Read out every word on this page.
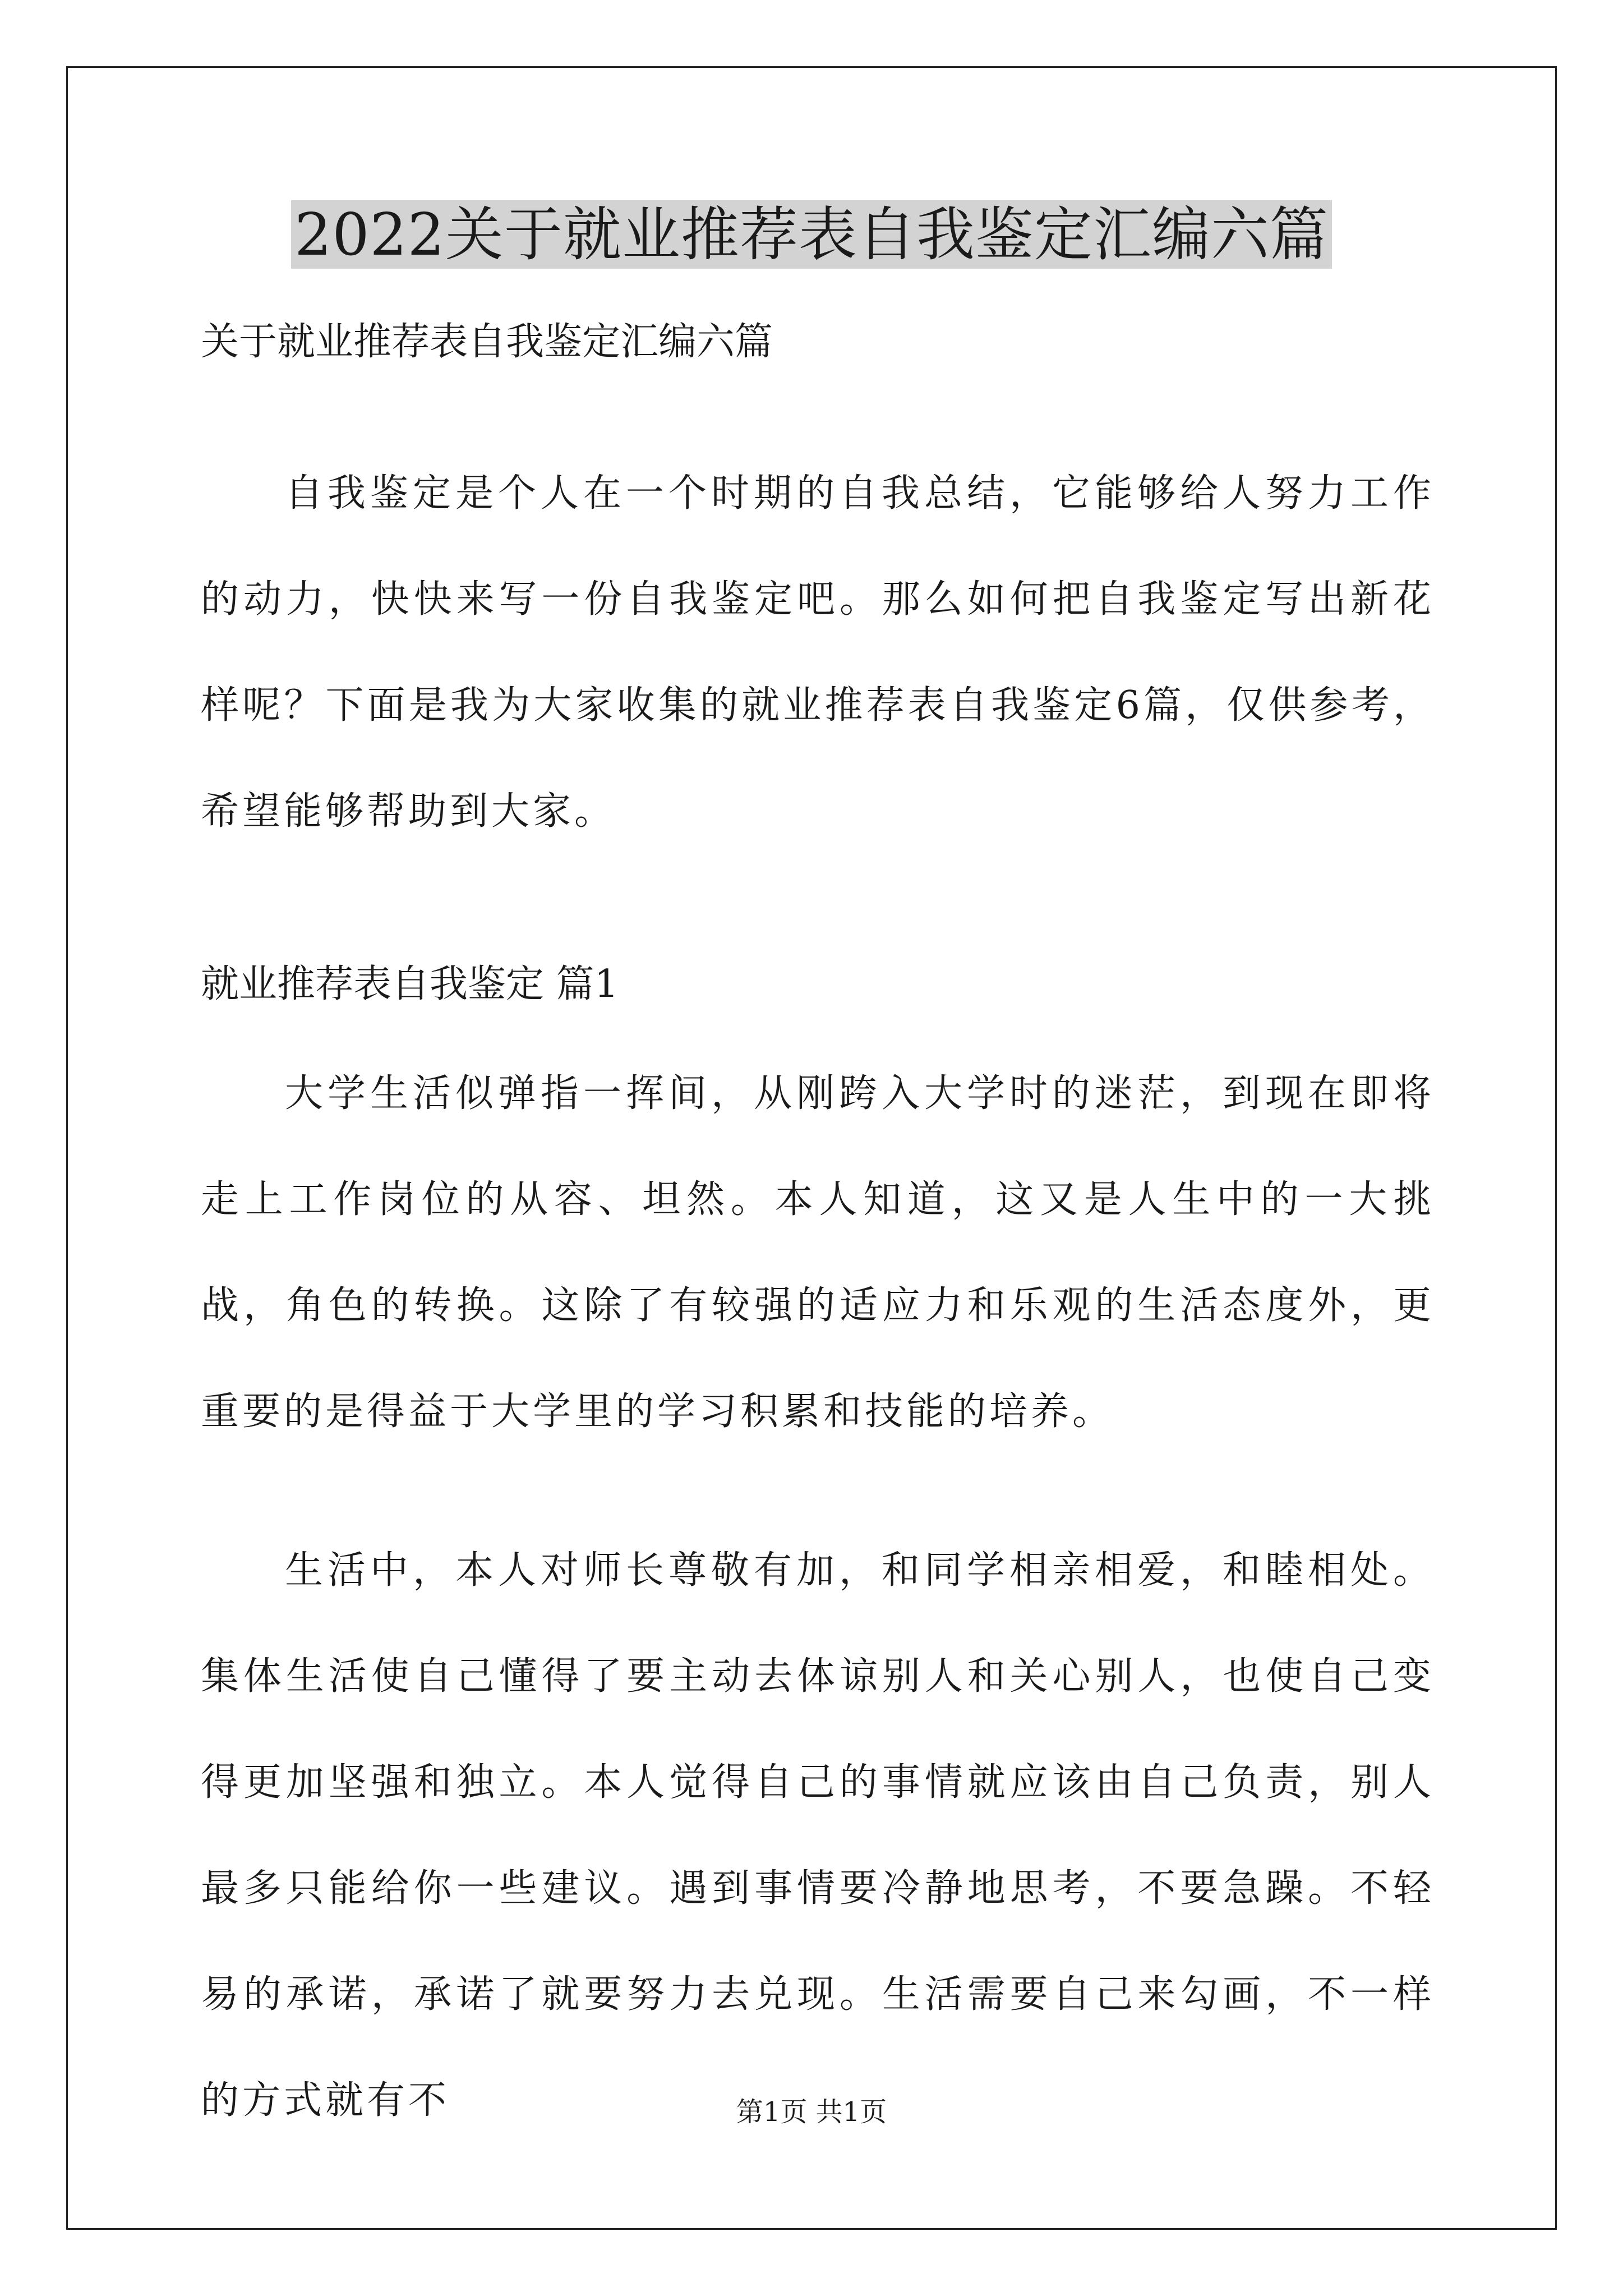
2022关于就业推荐表自我鉴定汇编六篇
关于就业推荐表自我鉴定汇编六篇

自我鉴定是个人在一个时期的自我总结，它能够给人努力工作的动力，快快来写一份自我鉴定吧。那么如何把自我鉴定写出新花样呢？下面是我为大家收集的就业推荐表自我鉴定6篇，仅供参考，希望能够帮助到大家。

就业推荐表自我鉴定 篇1

大学生活似弹指一挥间，从刚跨入大学时的迷茫，到现在即将走上工作岗位的从容、坦然。本人知道，这又是人生中的一大挑战，角色的转换。这除了有较强的适应力和乐观的生活态度外，更重要的是得益于大学里的学习积累和技能的培养。

生活中，本人对师长尊敬有加，和同学相亲相爱，和睦相处。集体生活使自己懂得了要主动去体谅别人和关心别人，也使自己变得更加坚强和独立。本人觉得自己的事情就应该由自己负责，别人最多只能给你一些建议。遇到事情要冷静地思考，不要急躁。不轻易的承诺，承诺了就要努力去兑现。生活需要自己来勾画，不一样的方式就有不	第1页 共1页
